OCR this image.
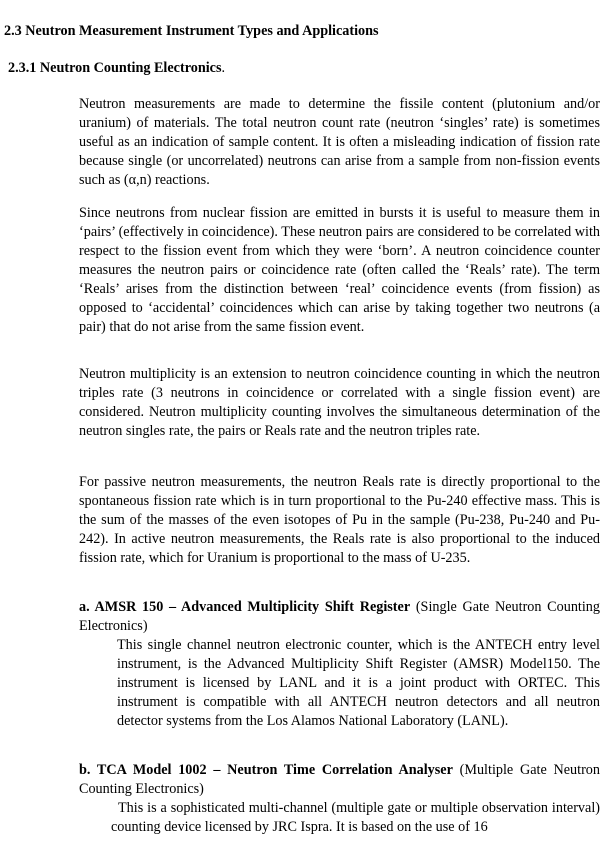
2.3 Neutron Measurement Instrument Types and Applications
2.3.1 Neutron Counting Electronics.

Neutron measurements are made to determine the fissile content (plutonium and/or uranium) of materials. The total neutron count rate (neutron ‘singles’ rate) is sometimes useful as an indication of sample content. It is often a misleading indication of fission rate because single (or uncorrelated) neutrons can arise from a sample from non-fission events such as (α,n) reactions.

Since neutrons from nuclear fission are emitted in bursts it is useful to measure them in ‘pairs’ (effectively in coincidence). These neutron pairs are considered to be correlated with respect to the fission event from which they were ‘born’. A neutron coincidence counter measures the neutron pairs or coincidence rate (often called the ‘Reals’ rate). The term ‘Reals’ arises from the distinction between ‘real’ coincidence events (from fission) as opposed to ‘accidental’ coincidences which can arise by taking together two neutrons (a pair) that do not arise from the same fission event.

Neutron multiplicity is an extension to neutron coincidence counting in which the neutron triples rate (3 neutrons in coincidence or correlated with a single fission event) are considered. Neutron multiplicity counting involves the simultaneous determination of the neutron singles rate, the pairs or Reals rate and the neutron triples rate.

For passive neutron measurements, the neutron Reals rate is directly proportional to the spontaneous fission rate which is in turn proportional to the Pu-240 effective mass. This is the sum of the masses of the even isotopes of Pu in the sample (Pu-238, Pu-240 and Pu-242). In active neutron measurements, the Reals rate is also proportional to the induced fission rate, which for Uranium is proportional to the mass of U-235.

a. AMSR 150 – Advanced Multiplicity Shift Register (Single Gate Neutron Counting Electronics)

This single channel neutron electronic counter, which is the ANTECH entry level instrument, is the Advanced Multiplicity Shift Register (AMSR) Model150. The instrument is licensed by LANL and it is a joint product with ORTEC. This instrument is compatible with all ANTECH neutron detectors and all neutron detector systems from the Los Alamos National Laboratory (LANL).

b. TCA Model 1002 – Neutron Time Correlation Analyser (Multiple Gate Neutron Counting Electronics)

This is a sophisticated multi-channel (multiple gate or multiple observation interval) counting device licensed by JRC Ispra. It is based on the use of 16
